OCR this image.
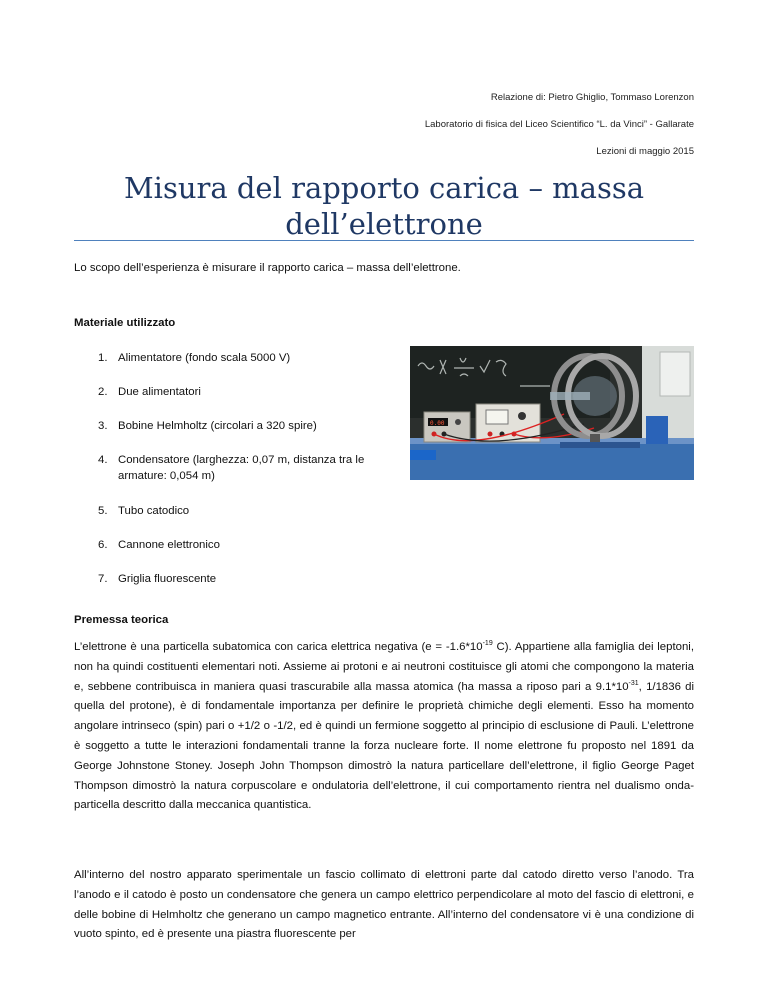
Relazione di: Pietro Ghiglio, Tommaso Lorenzon
Laboratorio di fisica del Liceo Scientifico “L. da Vinci” - Gallarate
Lezioni di maggio 2015
Misura del rapporto carica – massa
dell’elettrone
Lo scopo dell’esperienza è misurare il rapporto carica – massa dell’elettrone.
Materiale utilizzato
1. Alimentatore (fondo scala 5000 V)
2. Due alimentatori
3. Bobine Helmholtz (circolari a 320 spire)
4. Condensatore (larghezza: 0,07 m, distanza tra le armature: 0,054 m)
5. Tubo catodico
6. Cannone elettronico
7. Griglia fluorescente
0.00
Premessa teorica
L’elettrone è una particella subatomica con carica elettrica negativa ($e = -1.6*10^{-19}$ C). Appartiene alla famiglia dei leptoni, non ha quindi costituenti elementari noti. Assieme ai protoni e ai neutroni costituisce gli atomi che compongono la materia e, sebbene contribuisca in maniera quasi trascurabile alla massa atomica (ha massa a riposo pari a $9.1*10^{-31}$, 1/1836 di quella del protone), è di fondamentale importanza per definire le proprietà chimiche degli elementi. Esso ha momento angolare intrinseco (spin) pari o +1/2 o -1/2, ed è quindi un fermione soggetto al principio di esclusione di Pauli. L’elettrone è soggetto a tutte le interazioni fondamentali tranne la forza nucleare forte. Il nome elettrone fu proposto nel 1891 da George Johnstone Stoney. Joseph John Thompson dimostrò la natura particellare dell’elettrone, il figlio George Paget Thompson dimostrò la natura corpuscolare e ondulatoria dell’elettrone, il cui comportamento rientra nel dualismo onda-particella descritto dalla meccanica quantistica.
All’interno del nostro apparato sperimentale un fascio collimato di elettroni parte dal catodo diretto verso l’anodo. Tra l’anodo e il catodo è posto un condensatore che genera un campo elettrico perpendicolare al moto del fascio di elettroni, e delle bobine di Helmholtz che generano un campo magnetico entrante. All’interno del condensatore vi è una condizione di vuoto spinto, ed è presente una piastra fluorescente per
